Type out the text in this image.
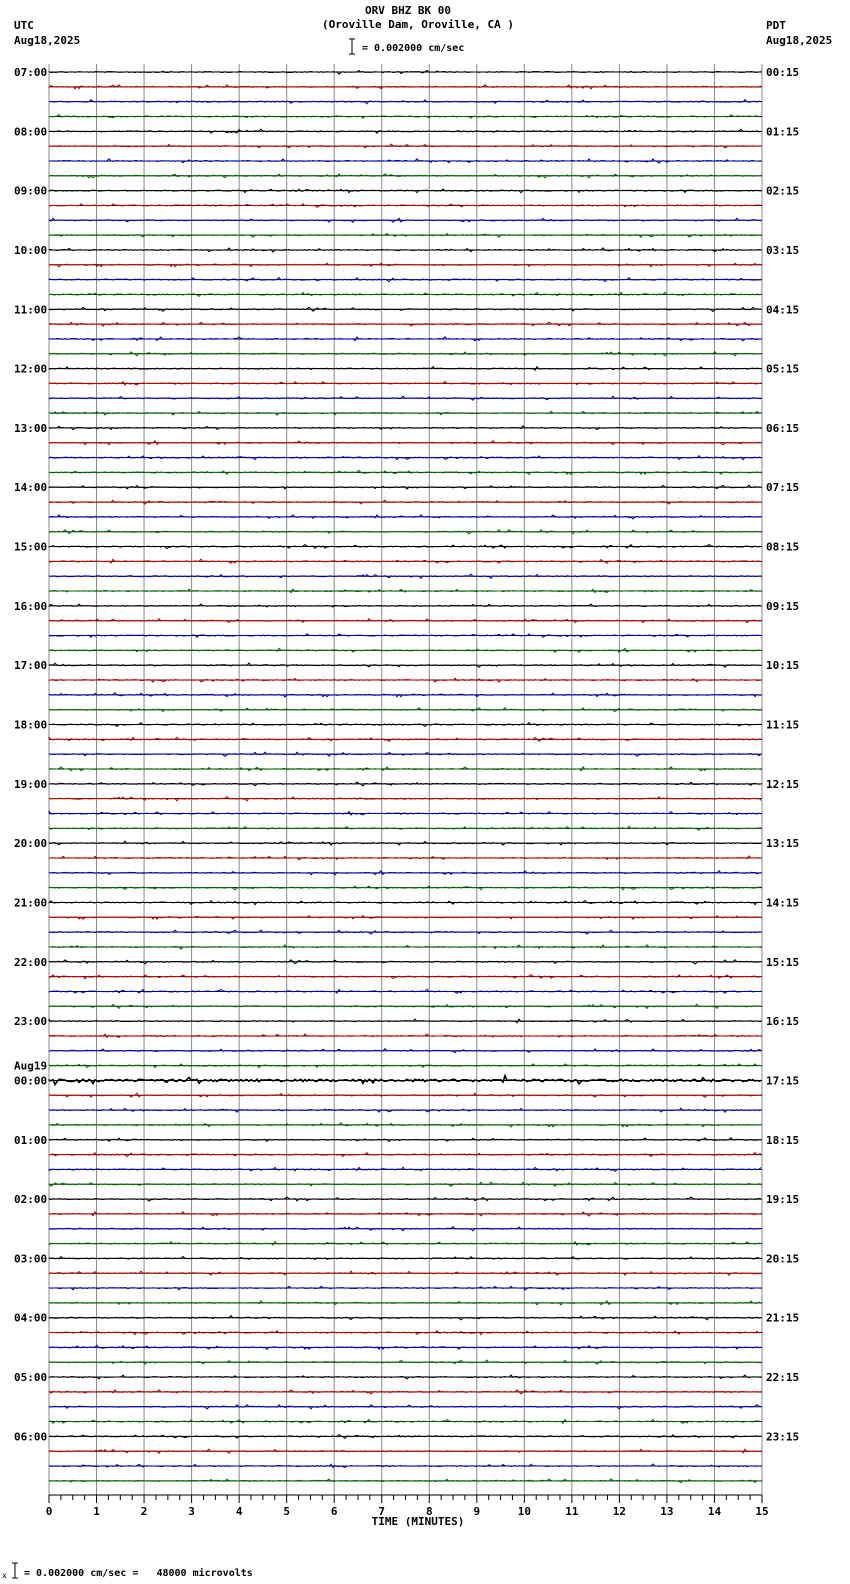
ORV BHZ BK 00
(Oroville Dam, Oroville, CA )
UTC
Aug18,2025
PDT
Aug18,2025
= 0.002000 cm/sec
= 0.002000 cm/sec =   48000 microvolts
x
07:00
08:00
09:00
10:00
11:00
12:00
13:00
14:00
15:00
16:00
17:00
18:00
19:00
20:00
21:00
22:00
23:00
00:00
Aug19
01:00
02:00
03:00
04:00
05:00
06:00
00:15
01:15
02:15
03:15
04:15
05:15
06:15
07:15
08:15
09:15
10:15
11:15
12:15
13:15
14:15
15:15
16:15
17:15
18:15
19:15
20:15
21:15
22:15
23:15
0	1	2	3	4	5	6	7	8	9	10	11	12	13	14	15
TIME (MINUTES)
